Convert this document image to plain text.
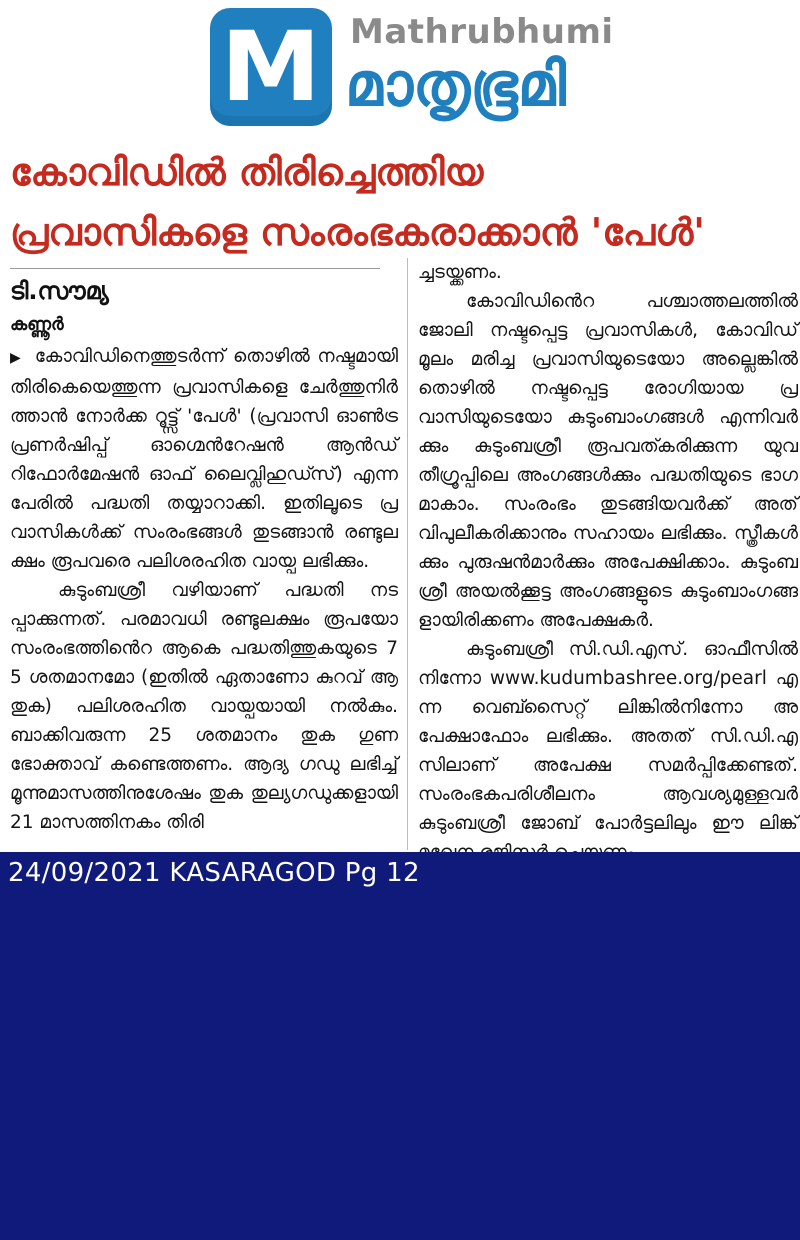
M Mathrubhumi
മാതൃഭൂമി
കോവിഡിൽ തിരിച്ചെത്തിയ
പ്രവാസികളെ സംരംഭകരാക്കാൻ 'പേൾ'

ടി.സൗമ്യ

കണ്ണൂർ

▶ കോവിഡിനെത്തുടർന്ന് തൊഴിൽ നഷ്ടമായി തിരികെയെത്തുന്ന പ്രവാസികളെ ചേർത്തുനിർത്താൻ നോർക്ക റൂട്ട്സ് 'പേൾ' (പ്രവാസി ഓൺട്രപ്രണർഷിപ്പ് ഓഗ്മെൻറേഷൻ ആൻഡ് റിഫോർമേഷൻ ഓഫ് ലൈവ്ലിഹുഡ്സ്) എന്ന പേരിൽ പദ്ധതി തയ്യാറാക്കി. ഇതിലൂടെ പ്രവാസികൾക്ക് സംരംഭങ്ങൾ തുടങ്ങാൻ രണ്ടുലക്ഷം രൂപവരെ പലിശരഹിത വായ്പ ലഭിക്കും.

കുടുംബശ്രീ വഴിയാണ് പദ്ധതി നടപ്പാക്കുന്നത്. പരമാവധി രണ്ടുലക്ഷം രൂപയോ സംരംഭത്തിൻെറ ആകെ പദ്ധതിത്തുകയുടെ 75 ശതമാനമോ (ഇതിൽ ഏതാണോ കുറവ് ആ തുക) പലിശരഹിത വായ്പയായി നൽകും. ബാക്കിവരുന്ന 25 ശതമാനം തുക ഗുണഭോക്താവ് കണ്ടെത്തണം. ആദ്യ ഗഡു ലഭിച്ച് മൂന്നുമാസത്തിനുശേഷം തുക തുല്യഗഡുക്കളായി 21 മാസത്തിനകം തിരി

ച്ചടയ്ക്കണം.

കോവിഡിൻെറ പശ്ചാത്തലത്തിൽ ജോലി നഷ്ടപ്പെട്ട പ്രവാസികൾ, കോവിഡ് മൂലം മരിച്ച പ്രവാസിയുടെയോ അല്ലെങ്കിൽ തൊഴിൽ നഷ്ടപ്പെട്ട രോഗിയായ പ്രവാസിയുടെയോ കുടുംബാംഗങ്ങൾ എന്നിവർക്കും കുടുംബശ്രീ രൂപവത്കരിക്കുന്ന യുവതീഗ്രൂപ്പിലെ അംഗങ്ങൾക്കും പദ്ധതിയുടെ ഭാഗമാകാം. സംരംഭം തുടങ്ങിയവർക്ക് അത് വിപുലീകരിക്കാനും സഹായം ലഭിക്കും. സ്ത്രീകൾക്കും പുരുഷൻമാർക്കും അപേക്ഷിക്കാം. കുടുംബശ്രീ അയൽക്കൂട്ട അംഗങ്ങളുടെ കുടുംബാംഗങ്ങളായിരിക്കണം അപേക്ഷകർ.

കുടുംബശ്രീ സി.ഡി.എസ്. ഓഫീസിൽനിന്നോ www.kudumbashree.org/pearl എന്ന വെബ്സൈറ്റ് ലിങ്കിൽനിന്നോ അപേക്ഷാഫോം ലഭിക്കും. അതത് സി.ഡി.എസിലാണ് അപേക്ഷ സമർപ്പിക്കേണ്ടത്. സംരംഭകപരിശീലനം ആവശ്യമുള്ളവർ കുടുംബശ്രീ ജോബ് പോർട്ടലിലും ഈ ലിങ്ക്

24/09/2021 KASARAGOD Pg 12
